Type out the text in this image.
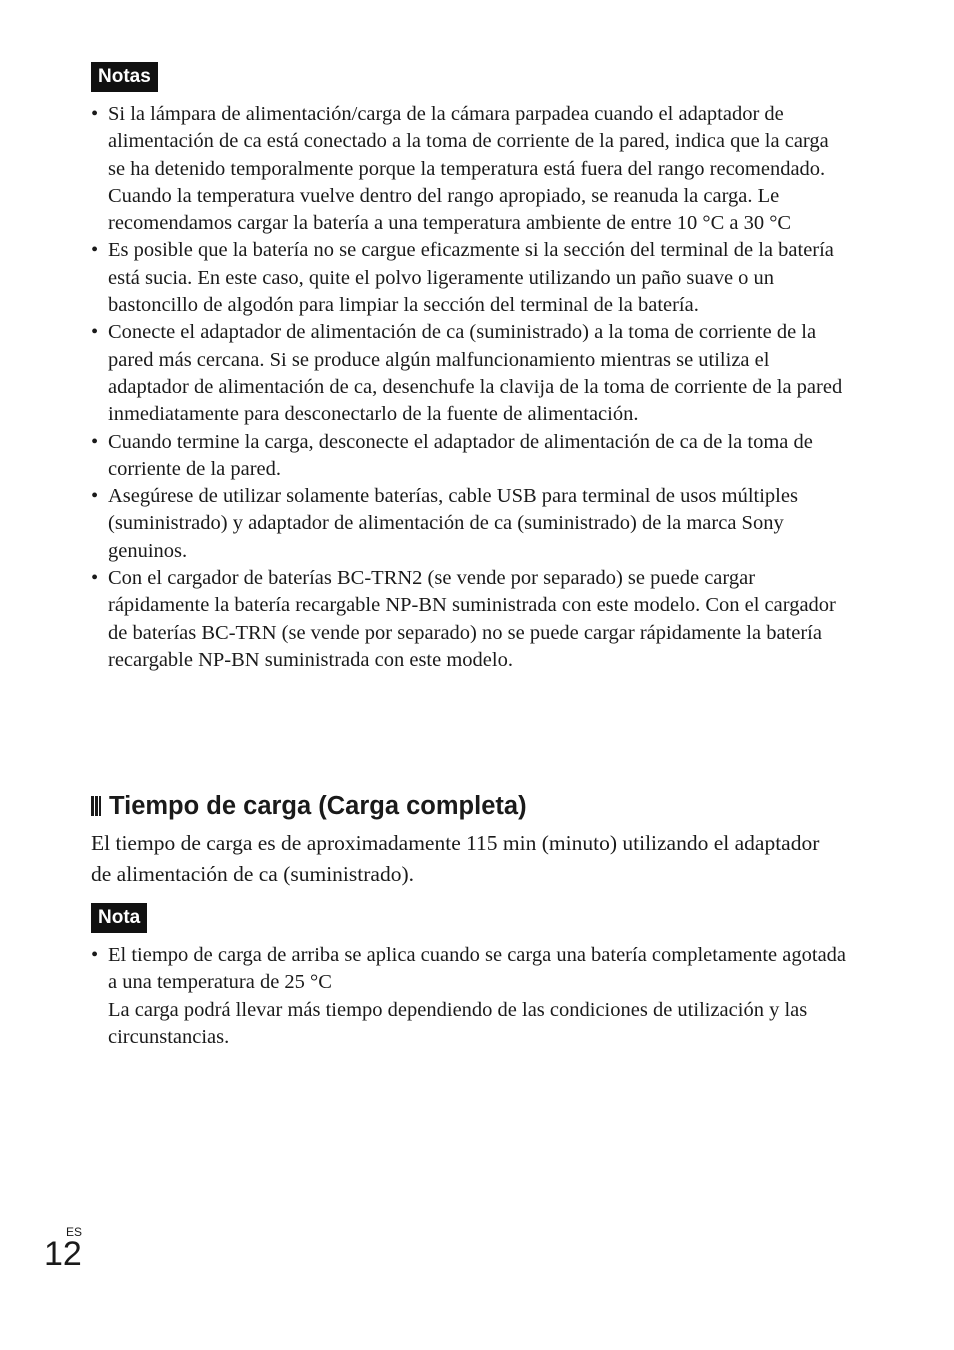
Notas
• Si la lámpara de alimentación/carga de la cámara parpadea cuando el adaptador de alimentación de ca está conectado a la toma de corriente de la pared, indica que la carga se ha detenido temporalmente porque la temperatura está fuera del rango recomendado. Cuando la temperatura vuelve dentro del rango apropiado, se reanuda la carga. Le recomendamos cargar la batería a una temperatura ambiente de entre 10 °C a 30 °C
• Es posible que la batería no se cargue eficazmente si la sección del terminal de la batería está sucia. En este caso, quite el polvo ligeramente utilizando un paño suave o un bastoncillo de algodón para limpiar la sección del terminal de la batería.
• Conecte el adaptador de alimentación de ca (suministrado) a la toma de corriente de la pared más cercana. Si se produce algún malfuncionamiento mientras se utiliza el adaptador de alimentación de ca, desenchufe la clavija de la toma de corriente de la pared inmediatamente para desconectarlo de la fuente de alimentación.
• Cuando termine la carga, desconecte el adaptador de alimentación de ca de la toma de corriente de la pared.
• Asegúrese de utilizar solamente baterías, cable USB para terminal de usos múltiples (suministrado) y adaptador de alimentación de ca (suministrado) de la marca Sony genuinos.
• Con el cargador de baterías BC-TRN2 (se vende por separado) se puede cargar rápidamente la batería recargable NP-BN suministrada con este modelo. Con el cargador de baterías BC-TRN (se vende por separado) no se puede cargar rápidamente la batería recargable NP-BN suministrada con este modelo.
Tiempo de carga (Carga completa)

El tiempo de carga es de aproximadamente 115 min (minuto) utilizando el adaptador de alimentación de ca (suministrado).

Nota
• El tiempo de carga de arriba se aplica cuando se carga una batería completamente agotada a una temperatura de 25 °C
La carga podrá llevar más tiempo dependiendo de las condiciones de utilización y las circunstancias.
ES
12
